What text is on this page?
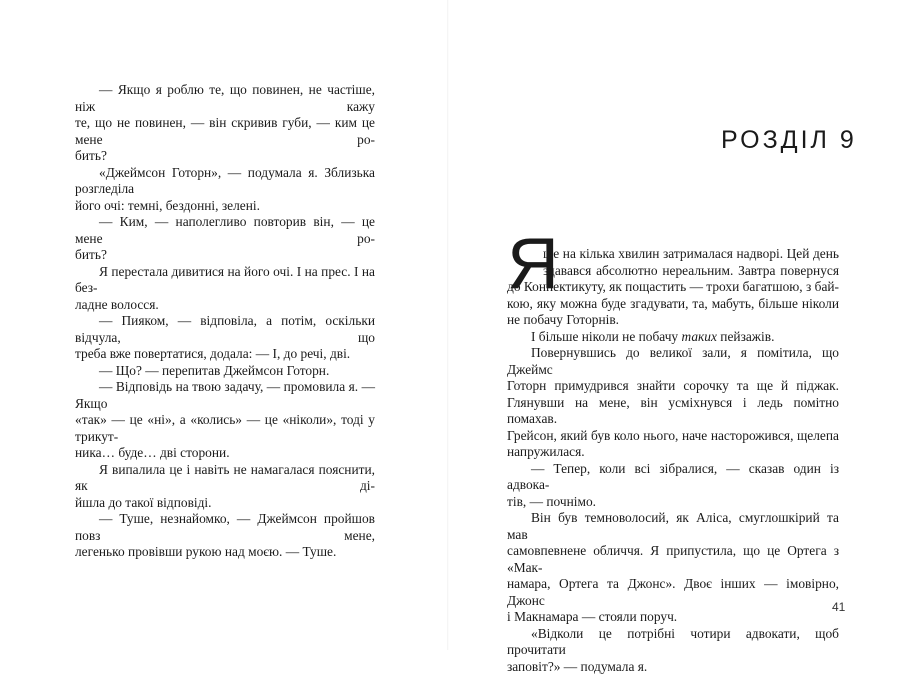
— Якщо я роблю те, що повинен, не частіше, ніж кажу
те, що не повинен, — він скривив губи, — ким це мене ро-
бить?

«Джеймсон Готорн», — подумала я. Зблизька розгледіла
його очі: темні, бездонні, зелені.

— Ким, — наполегливо повторив він, — це мене ро-
бить?

Я перестала дивитися на його очі. І на прес. І на без-
ладне волосся.

— Пияком, — відповіла, а потім, оскільки відчула, що
треба вже повертатися, додала: — І, до речі, дві.

— Що? — перепитав Джеймсон Готорн.

— Відповідь на твою задачу, — промовила я. — Якщо
«так» — це «ні», а «колись» — це «ніколи», тоді у трикут-
ника… буде… дві сторони.

Я випалила це і навіть не намагалася пояснити, як ді-
йшла до такої відповіді.

— Туше, незнайомко, — Джеймсон пройшов повз мене,
легенько провівши рукою над моєю. — Туше.

РОЗДІЛ 9
Я

ще на кілька хвилин затрималася надворі. Цей день
здавався абсолютно нереальним. Завтра повернуся
до Коннектикуту, як пощастить — трохи багатшою, з бай-
кою, яку можна буде згадувати, та, мабуть, більше ніколи
не побачу Готорнів.

І більше ніколи не побачу таких пейзажів.

Повернувшись до великої зали, я помітила, що Джеймс
Готорн примудрився знайти сорочку та ще й піджак.
Глянувши на мене, він усміхнувся і ледь помітно помахав.
Грейсон, який був коло нього, наче насторожився, щелепа
напружилася.

— Тепер, коли всі зібралися, — сказав один із адвока-
тів, — почнімо.

Він був темноволосий, як Аліса, смуглошкірий та мав
самовпевнене обличчя. Я припустила, що це Ортега з «Мак-
намара, Ортега та Джонс». Двоє інших — імовірно, Джонс
і Макнамара — стояли поруч.

«Відколи це потрібні чотири адвокати, щоб прочитати
заповіт?» — подумала я.

41
